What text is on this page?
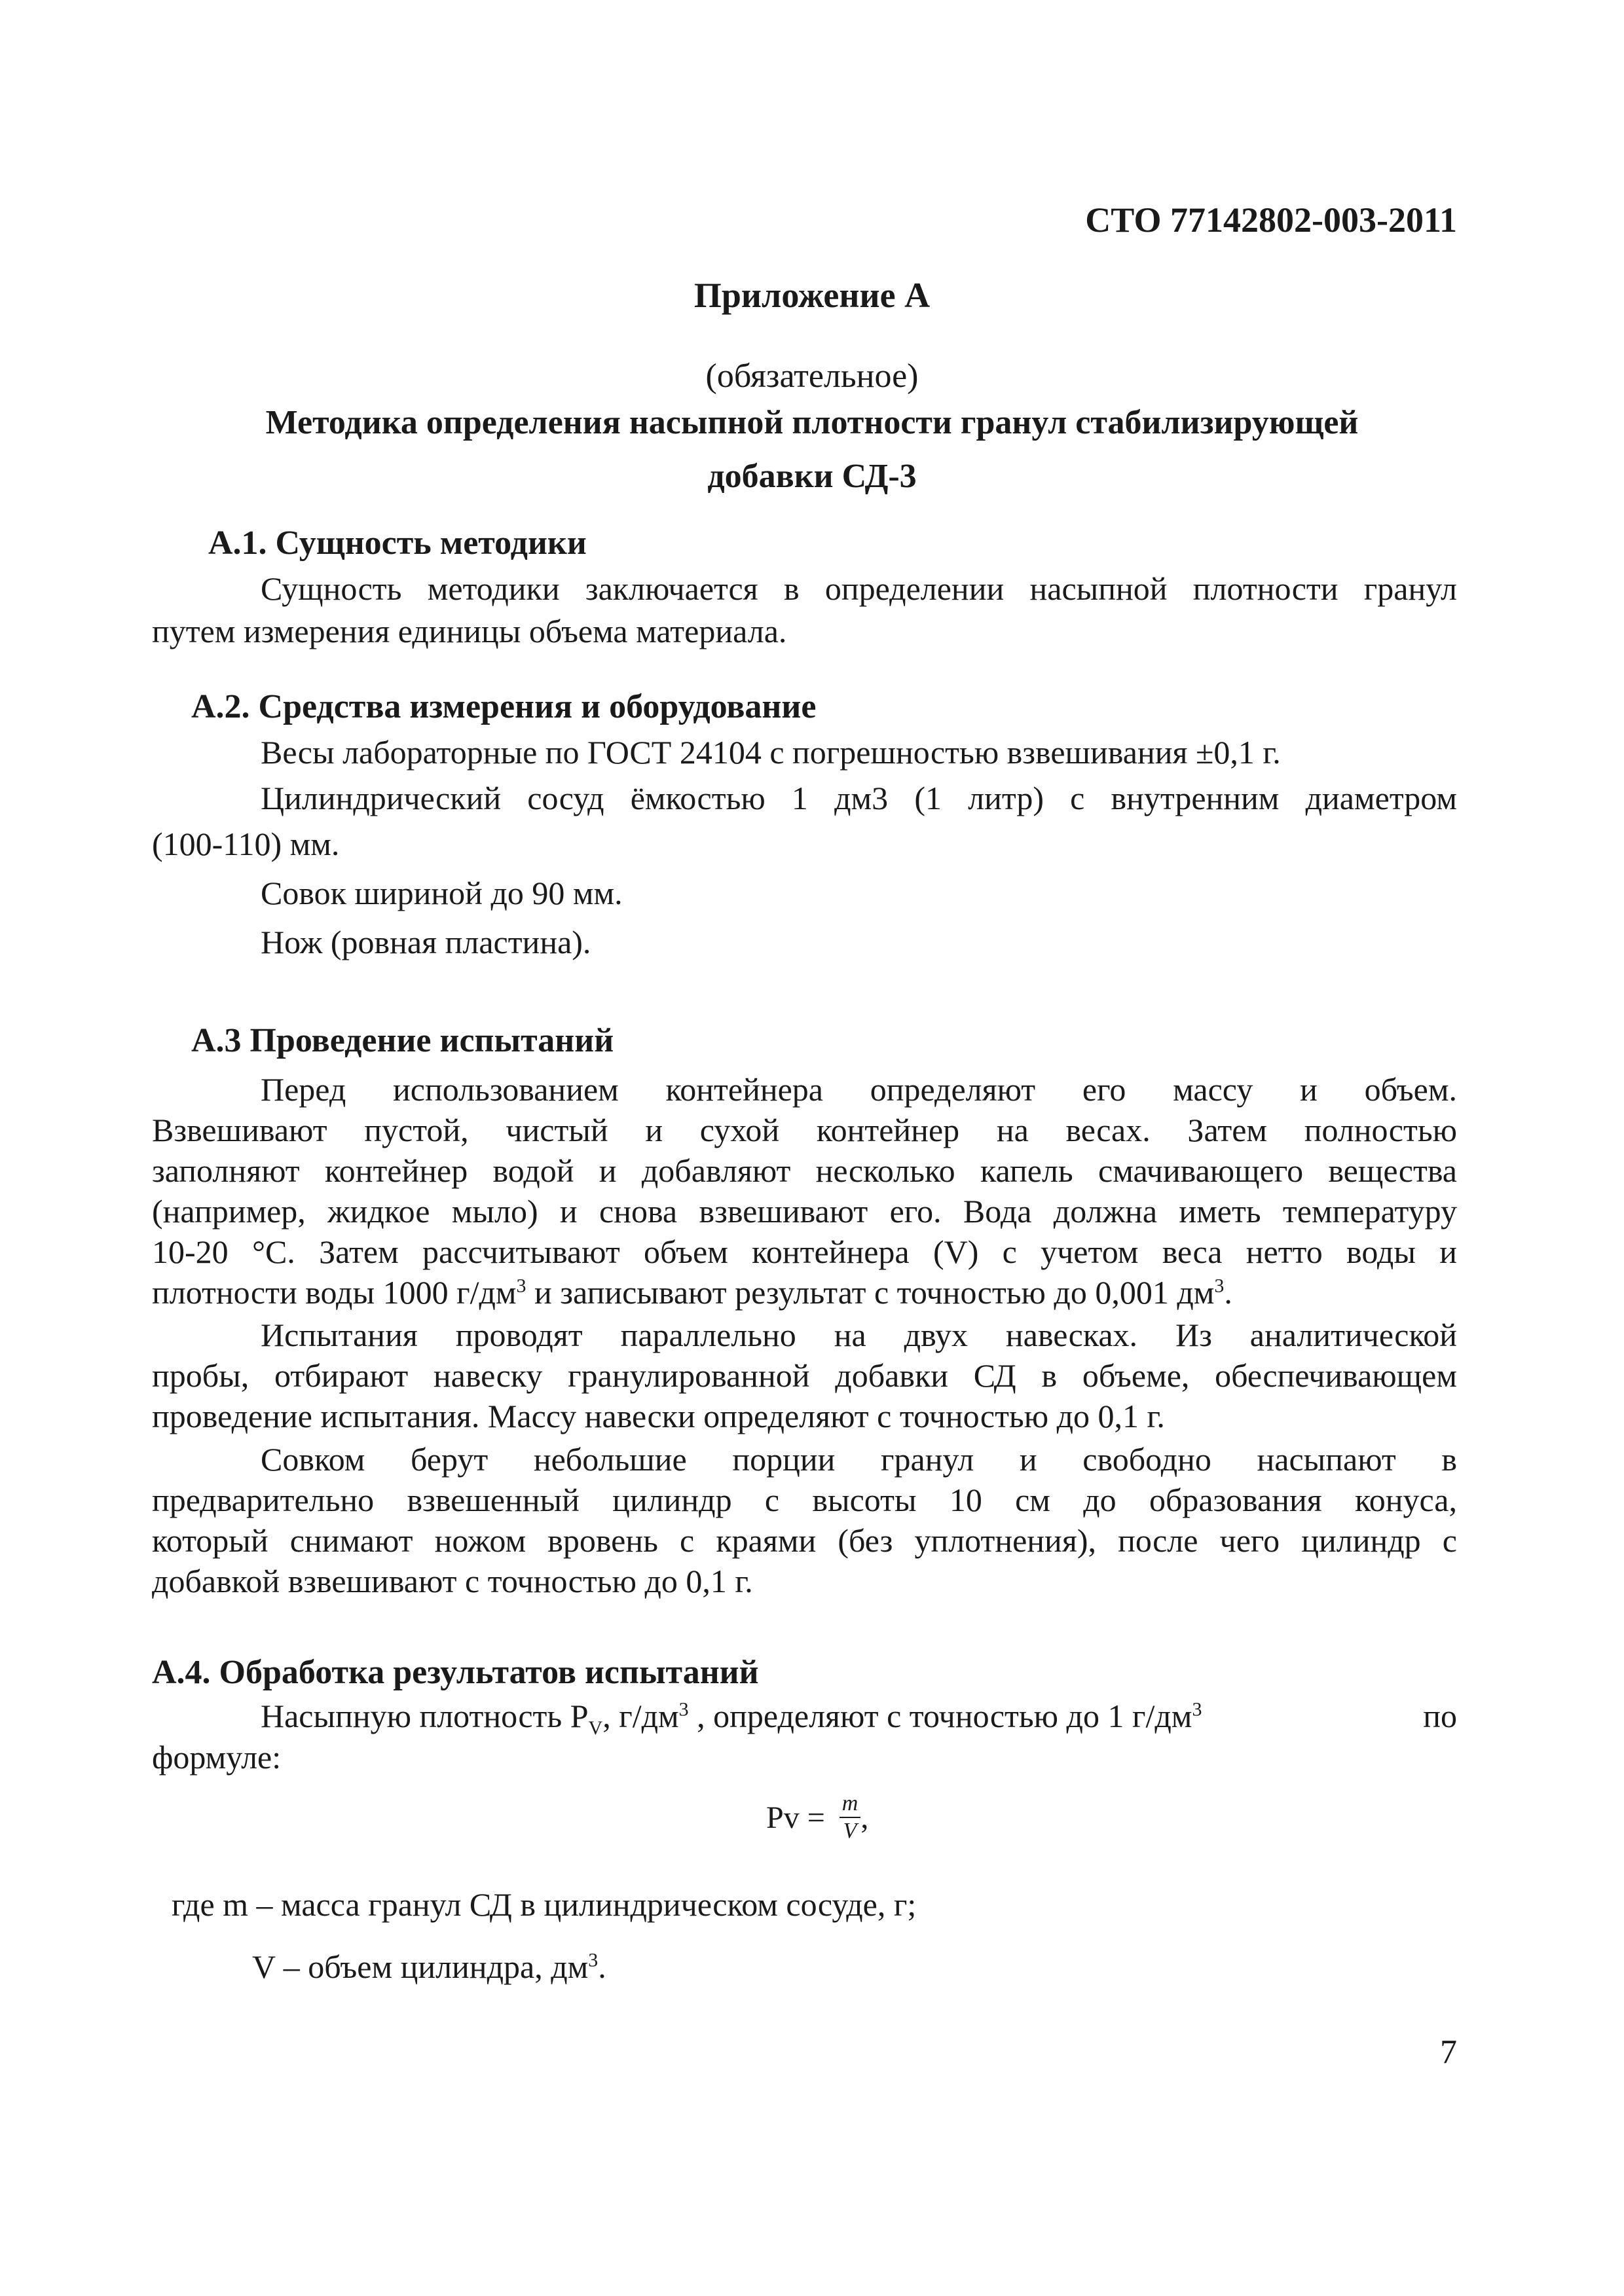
СТО 77142802-003-2011
Приложение А
(обязательное)
Методика определения насыпной плотности гранул стабилизирующей добавки СД-3
А.1. Сущность методики
Сущность методики заключается в определении насыпной плотности гранул
путем измерения единицы объема материала.
А.2. Средства измерения и оборудование
Весы лабораторные по ГОСТ 24104 с погрешностью взвешивания ±0,1 г.
Цилиндрический сосуд ёмкостью 1 дм3 (1 литр) с внутренним диаметром
(100-110) мм.
Совок шириной до 90 мм.
Нож (ровная пластина).
А.3 Проведение испытаний
Перед использованием контейнера определяют его массу и объем.
Взвешивают пустой, чистый и сухой контейнер на весах. Затем полностью
заполняют контейнер водой и добавляют несколько капель смачивающего вещества
(например, жидкое мыло) и снова взвешивают его. Вода должна иметь температуру
10-20 °С. Затем рассчитывают объем контейнера (V) с учетом веса нетто воды и
плотности воды 1000 $г/дм^3$ и записывают результат с точностью до 0,001 $дм^3$.
Испытания проводят параллельно на двух навесках. Из аналитической
пробы, отбирают навеску гранулированной добавки СД в объеме, обеспечивающем
проведение испытания. Массу навески определяют с точностью до 0,1 г.
Совком берут небольшие порции гранул и свободно насыпают в
предварительно взвешенный цилиндр с высоты 10 см до образования конуса,
который снимают ножом вровень с краями (без уплотнения), после чего цилиндр с
добавкой взвешивают с точностью до 0,1 г.
А.4. Обработка результатов испытаний
Насыпную плотность $Р_V$, $г/дм^3$ , определяют с точностью до 1 $г/дм^3$	по
формуле:
$Pv = \frac{m}{V}$ ,
где m – масса гранул СД в цилиндрическом сосуде, г;
V – объем цилиндра, $дм^3$.
7
